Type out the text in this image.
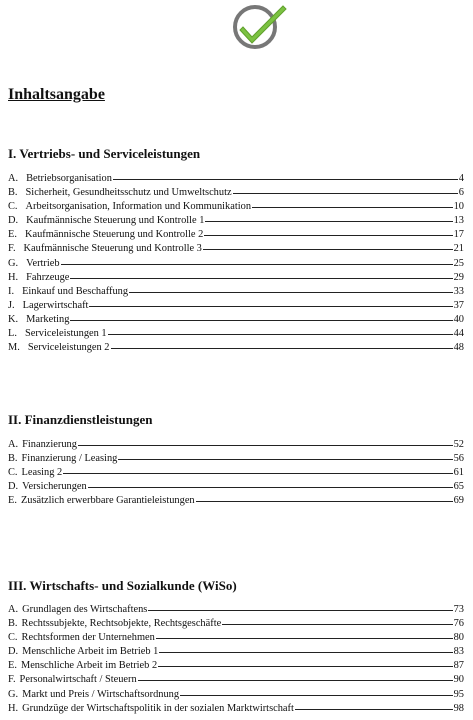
Inhaltsangabe
I. Vertriebs- und Serviceleistungen
A. Betriebsorganisation	4
B. Sicherheit, Gesundheitsschutz und Umweltschutz	6
C. Arbeitsorganisation, Information und Kommunikation	10
D. Kaufmännische Steuerung und Kontrolle 1	13
E. Kaufmännische Steuerung und Kontrolle 2	17
F. Kaufmännische Steuerung und Kontrolle 3	21
G. Vertrieb	25
H. Fahrzeuge	29
I. Einkauf und Beschaffung	33
J. Lagerwirtschaft	37
K. Marketing	40
L. Serviceleistungen 1	44
M. Serviceleistungen 2	48
II. Finanzdienstleistungen
A. Finanzierung	52
B. Finanzierung / Leasing	56
C. Leasing 2	61
D. Versicherungen	65
E. Zusätzlich erwerbbare Garantieleistungen	69
III. Wirtschafts- und Sozialkunde (WiSo)
A. Grundlagen des Wirtschaftens	73
B. Rechtssubjekte, Rechtsobjekte, Rechtsgeschäfte	76
C. Rechtsformen der Unternehmen	80
D. Menschliche Arbeit im Betrieb 1	83
E. Menschliche Arbeit im Betrieb 2	87
F. Personalwirtschaft / Steuern	90
G. Markt und Preis / Wirtschaftsordnung	95
H. Grundzüge der Wirtschaftspolitik in der sozialen Marktwirtschaft	98
